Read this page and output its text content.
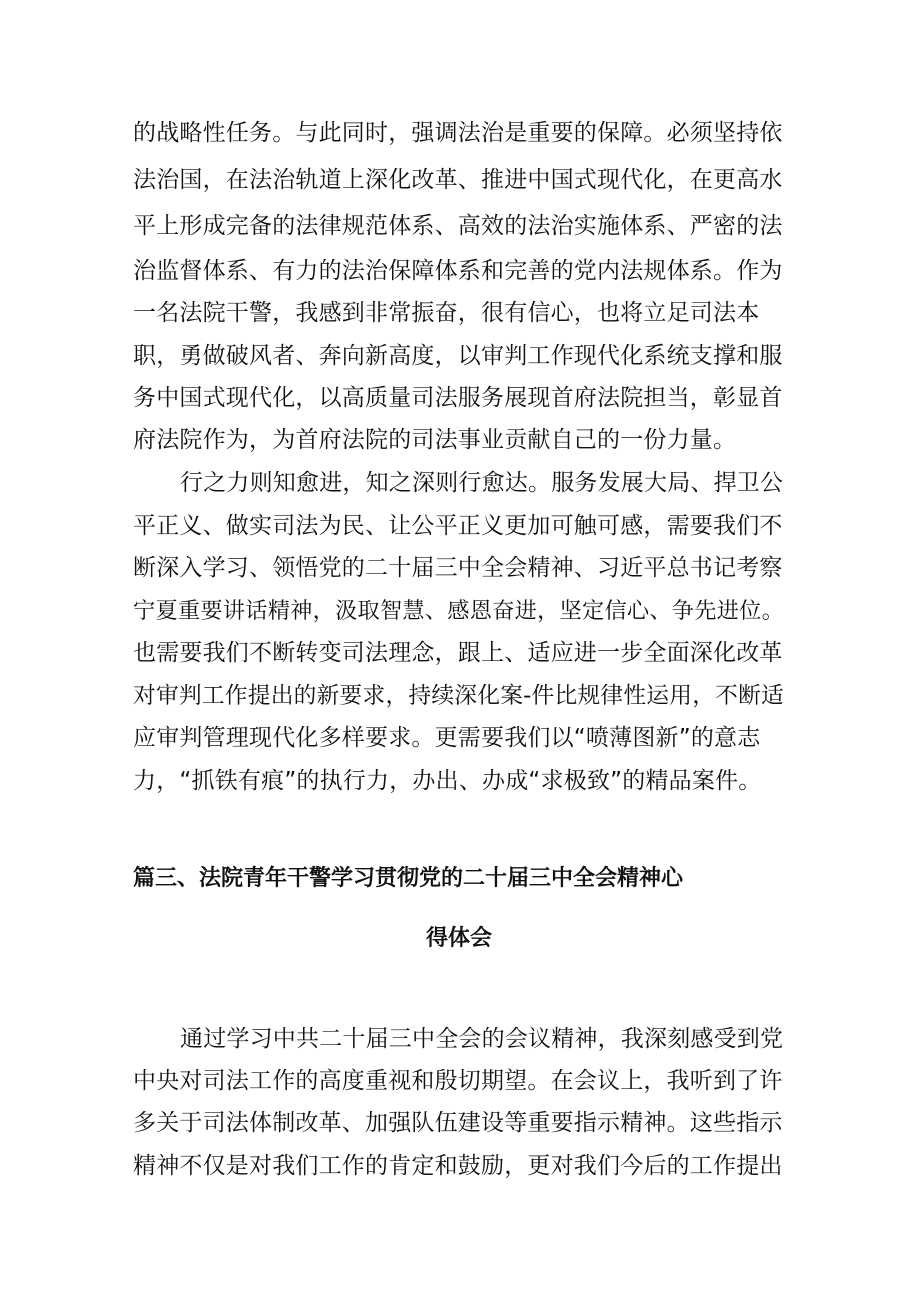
的战略性任务。与此同时，强调法治是重要的保障。必须坚持依
法治国，在法治轨道上深化改革、推进中国式现代化，在更高水
平上形成完备的法律规范体系、高效的法治实施体系、严密的法
治监督体系、有力的法治保障体系和完善的党内法规体系。作为
一名法院干警，我感到非常振奋，很有信心，也将立足司法本
职，勇做破风者、奔向新高度，以审判工作现代化系统支撑和服
务中国式现代化，以高质量司法服务展现首府法院担当，彰显首
府法院作为，为首府法院的司法事业贡献自己的一份力量。
行之力则知愈进，知之深则行愈达。服务发展大局、捍卫公
平正义、做实司法为民、让公平正义更加可触可感，需要我们不
断深入学习、领悟党的二十届三中全会精神、习近平总书记考察
宁夏重要讲话精神，汲取智慧、感恩奋进，坚定信心、争先进位。
也需要我们不断转变司法理念，跟上、适应进一步全面深化改革
对审判工作提出的新要求，持续深化案-件比规律性运用，不断适
应审判管理现代化多样要求。更需要我们以“喷薄图新”的意志
力，“抓铁有痕”的执行力，办出、办成“求极致”的精品案件。
篇三、法院青年干警学习贯彻党的二十届三中全会精神心
得体会
通过学习中共二十届三中全会的会议精神，我深刻感受到党
中央对司法工作的高度重视和殷切期望。在会议上，我听到了许
多关于司法体制改革、加强队伍建设等重要指示精神。这些指示
精神不仅是对我们工作的肯定和鼓励，更对我们今后的工作提出
